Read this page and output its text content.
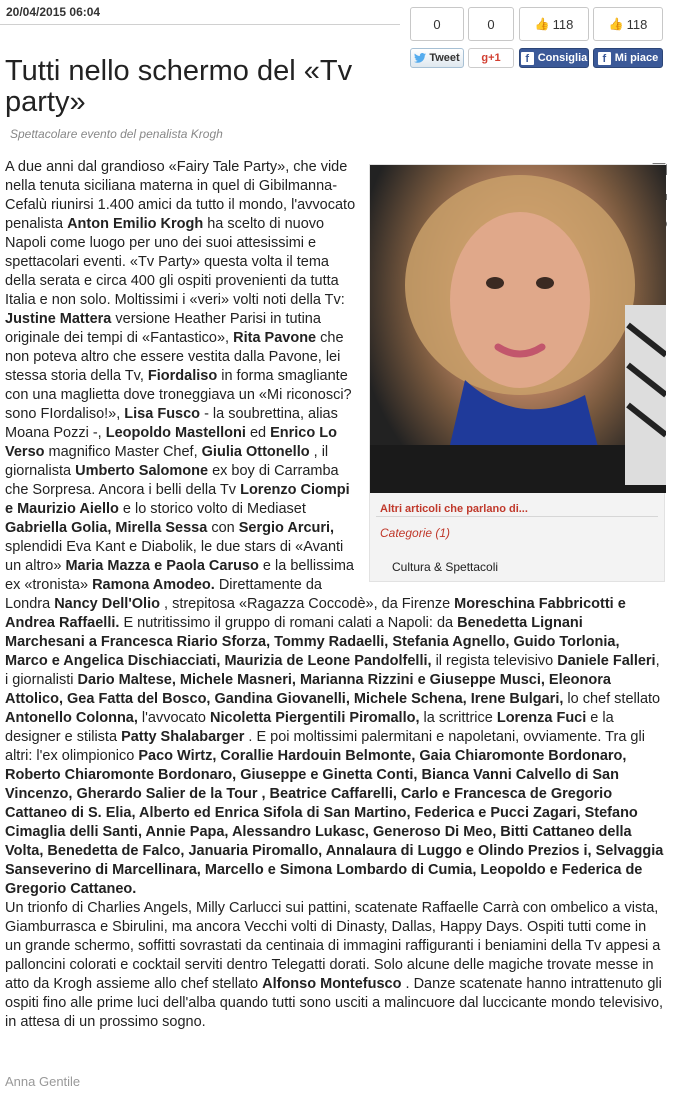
20/04/2015 06:04
0	0	👍 118	👍 118
Tweet g+1	f Consiglia	f Mi piace
Tutti nello schermo del «Tv party»
Spettacolare evento del penalista Krogh

Altri articoli che parlano di...
Categorie (1)
Cultura & Spettacoli

A due anni dal grandioso «Fairy Tale Party», che vide nella tenuta siciliana materna in quel di Gibilmanna-Cefalù riunirsi 1.400 amici da tutto il mondo, l'avvocato penalista Anton Emilio Krogh ha scelto di nuovo Napoli come luogo per uno dei suoi attesissimi e spettacolari eventi. «Tv Party» questa volta il tema della serata e circa 400 gli ospiti provenienti da tutta Italia e non solo. Moltissimi i «veri» volti noti della Tv: Justine Mattera versione Heather Parisi in tutina originale dei tempi di «Fantastico», Rita Pavone che non poteva altro che essere vestita dalla Pavone, lei stessa storia della Tv, Fiordaliso in forma smagliante con una maglietta dove troneggiava un «Mi riconosci? sono FIordaliso!», Lisa Fusco - la soubrettina, alias Moana Pozzi -, Leopoldo Mastelloni ed Enrico Lo Verso magnifico Master Chef, Giulia Ottonello , il giornalista Umberto Salomone ex boy di Carramba che Sorpresa. Ancora i belli della Tv Lorenzo Ciompi e Maurizio Aiello e lo storico volto di Mediaset Gabriella Golia, Mirella Sessa con Sergio Arcuri, splendidi Eva Kant e Diabolik, le due stars di «Avanti un altro» Maria Mazza e Paola Caruso e la bellissima ex «tronista» Ramona Amodeo. Direttamente da Londra Nancy Dell'Olio , strepitosa «Ragazza Coccodè», da Firenze Moreschina Fabbricotti e Andrea Raffaelli. E nutritissimo il gruppo di romani calati a Napoli: da Benedetta Lignani Marchesani a Francesca Riario Sforza, Tommy Radaelli, Stefania Agnello, Guido Torlonia, Marco e Angelica Dischiacciati, Maurizia de Leone Pandolfelli, il regista televisivo Daniele Falleri, i giornalisti Dario Maltese, Michele Masneri, Marianna Rizzini e Giuseppe Musci, Eleonora Attolico, Gea Fatta del Bosco, Gandina Giovanelli, Michele Schena, Irene Bulgari, lo chef stellato Antonello Colonna, l'avvocato Nicoletta Piergentili Piromallo, la scrittrice Lorenza Fuci e la designer e stilista Patty Shalabarger . E poi moltissimi palermitani e napoletani, ovviamente. Tra gli altri: l'ex olimpionico Paco Wirtz, Corallie Hardouin Belmonte, Gaia Chiaromonte Bordonaro, Roberto Chiaromonte Bordonaro, Giuseppe e Ginetta Conti, Bianca Vanni Calvello di San Vincenzo, Gherardo Salier de la Tour , Beatrice Caffarelli, Carlo e Francesca de Gregorio Cattaneo di S. Elia, Alberto ed Enrica Sifola di San Martino, Federica e Pucci Zagari, Stefano Cimaglia delli Santi, Annie Papa, Alessandro Lukasc, Generoso Di Meo, Bitti Cattaneo della Volta, Benedetta de Falco, Januaria Piromallo, Annalaura di Luggo e Olindo Prezios i, Selvaggia Sanseverino di Marcellinara, Marcello e Simona Lombardo di Cumia, Leopoldo e Federica de Gregorio Cattaneo.

Un trionfo di Charlies Angels, Milly Carlucci sui pattini, scatenate Raffaelle Carrà con ombelico a vista, Giamburrasca e Sbirulini, ma ancora Vecchi volti di Dinasty, Dallas, Happy Days. Ospiti tutti come in un grande schermo, soffitti sovrastati da centinaia di immagini raffiguranti i beniamini della Tv appesi a palloncini colorati e cocktail serviti dentro Telegatti dorati. Solo alcune delle magiche trovate messe in atto da Krogh assieme allo chef stellato Alfonso Montefusco . Danze scatenate hanno intrattenuto gli ospiti fino alle prime luci dell'alba quando tutti sono usciti a malincuore dal luccicante mondo televisivo, in attesa di un prossimo sogno.

Anna Gentile
